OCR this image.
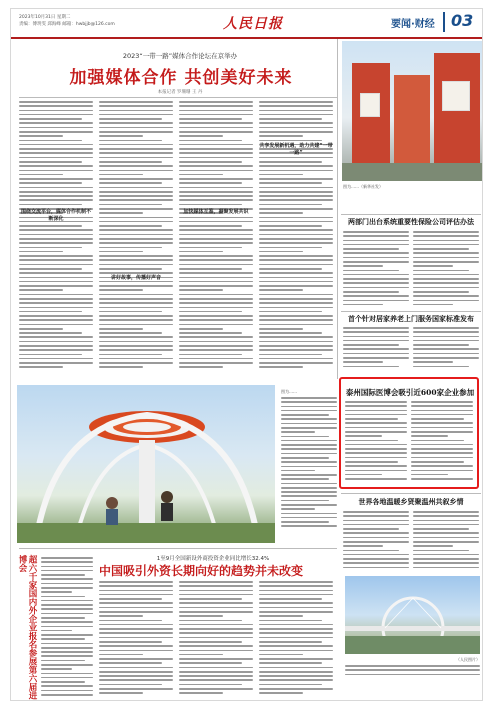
2023年10月31日 星期二
责编：傅玥雯 邱海峰 邮箱：hwbjjb@126.com	人民日报	要闻·财经 03
2023“一带一路”媒体合作论坛在京举办
加强媒体合作 共创美好未来
本报记者 罗珊珊 王 丹
围绕交流平台，媒体合作机制不断深化
加快媒体互鉴，凝聚发展共识
共享发展新机遇，助力共建“一带一路”
讲好故事，传播好声音
图为……（新华社发）
两部门出台系统重要性保险公司评估办法
首个针对居家养老上门服务国家标准发布
泰州国际医博会吸引近600家企业参加
世界各地温暖乡贤聚温州共叙乡情
（人民图片）
图为……
超六千家国内外企业报名参展第六届进博会	1至9月全国新设外商投资企业同比增长32.4%
中国吸引外资长期向好的趋势并未改变
